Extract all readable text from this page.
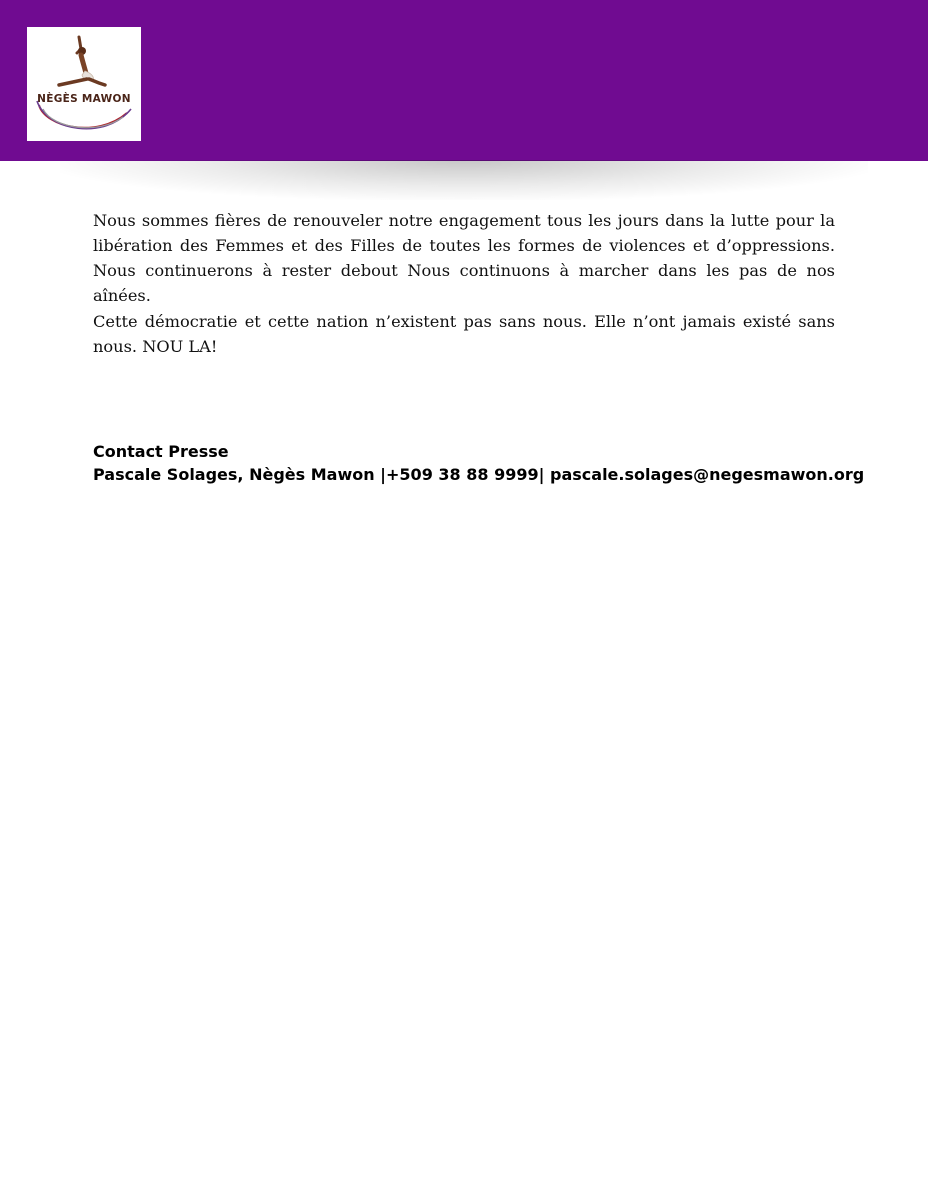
NÈGÈS MAWON

Nous sommes fières de renouveler notre engagement tous les jours dans la lutte pour la libération des Femmes et des Filles de toutes les formes de violences et d’oppressions. Nous continuerons à rester debout Nous continuons à marcher dans les pas de nos aînées.

Cette démocratie et cette nation n’existent pas sans nous. Elle n’ont jamais existé sans nous. NOU LA!

Contact Presse
Pascale Solages, Nègès Mawon |+509 38 88 9999| pascale.solages@negesmawon.org
